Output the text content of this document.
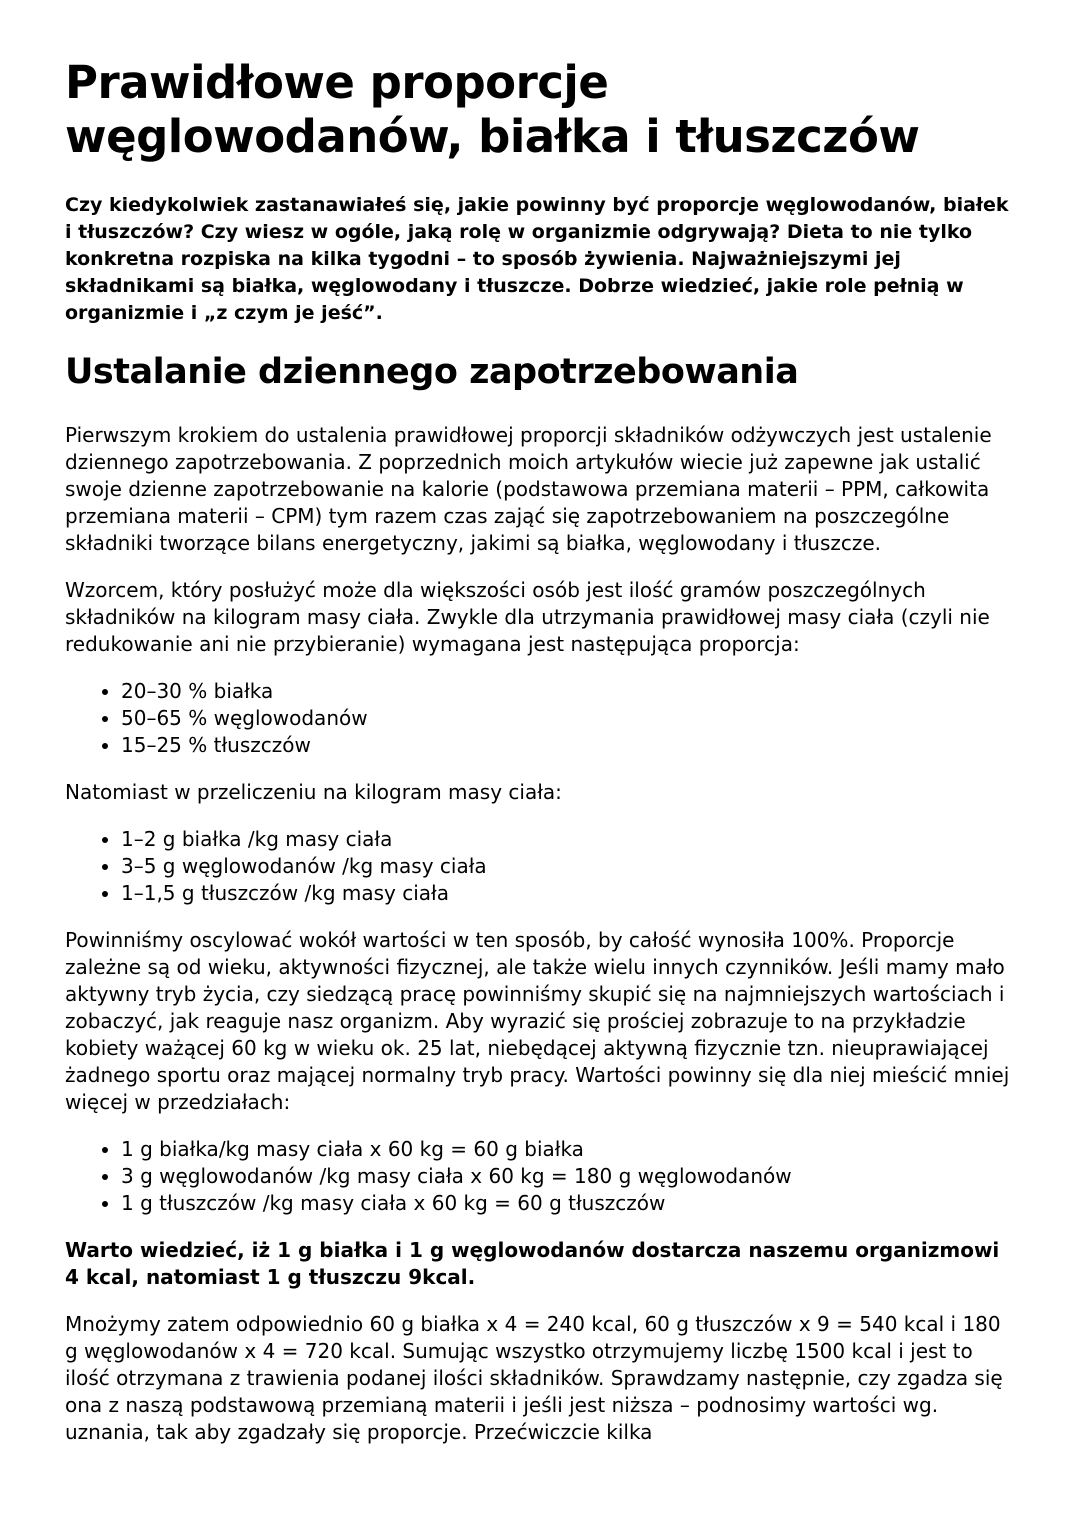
Prawidłowe proporcje węglowodanów, białka i tłuszczów

Czy kiedykolwiek zastanawiałeś się, jakie powinny być proporcje węglowodanów, białek i tłuszczów? Czy wiesz w ogóle, jaką rolę w organizmie odgrywają? Dieta to nie tylko konkretna rozpiska na kilka tygodni – to sposób żywienia. Najważniejszymi jej składnikami są białka, węglowodany i tłuszcze. Dobrze wiedzieć, jakie role pełnią w organizmie i „z czym je jeść”.

Ustalanie dziennego zapotrzebowania

Pierwszym krokiem do ustalenia prawidłowej proporcji składników odżywczych jest ustalenie dziennego zapotrzebowania. Z poprzednich moich artykułów wiecie już zapewne jak ustalić swoje dzienne zapotrzebowanie na kalorie (podstawowa przemiana materii – PPM, całkowita przemiana materii – CPM) tym razem czas zająć się zapotrzebowaniem na poszczególne składniki tworzące bilans energetyczny, jakimi są białka, węglowodany i tłuszcze.

Wzorcem, który posłużyć może dla większości osób jest ilość gramów poszczególnych składników na kilogram masy ciała. Zwykle dla utrzymania prawidłowej masy ciała (czyli nie redukowanie ani nie przybieranie) wymagana jest następująca proporcja:

• 20–30 % białka
• 50–65 % węglowodanów
• 15–25 % tłuszczów

Natomiast w przeliczeniu na kilogram masy ciała:

• 1–2 g białka /kg masy ciała
• 3–5 g węglowodanów /kg masy ciała
• 1–1,5 g tłuszczów /kg masy ciała

Powinniśmy oscylować wokół wartości w ten sposób, by całość wynosiła 100%. Proporcje zależne są od wieku, aktywności fizycznej, ale także wielu innych czynników. Jeśli mamy mało aktywny tryb życia, czy siedzącą pracę powinniśmy skupić się na najmniejszych wartościach i zobaczyć, jak reaguje nasz organizm. Aby wyrazić się prościej zobrazuje to na przykładzie kobiety ważącej 60 kg w wieku ok. 25 lat, niebędącej aktywną fizycznie tzn. nieuprawiającej żadnego sportu oraz mającej normalny tryb pracy. Wartości powinny się dla niej mieścić mniej więcej w przedziałach:

• 1 g białka/kg masy ciała x 60 kg = 60 g białka
• 3 g węglowodanów /kg masy ciała x 60 kg = 180 g węglowodanów
• 1 g tłuszczów /kg masy ciała x 60 kg = 60 g tłuszczów

Warto wiedzieć, iż 1 g białka i 1 g węglowodanów dostarcza naszemu organizmowi 4 kcal, natomiast 1 g tłuszczu 9kcal.

Mnożymy zatem odpowiednio 60 g białka x 4 = 240 kcal, 60 g tłuszczów x 9 = 540 kcal i 180 g węglowodanów x 4 = 720 kcal. Sumując wszystko otrzymujemy liczbę 1500 kcal i jest to ilość otrzymana z trawienia podanej ilości składników. Sprawdzamy następnie, czy zgadza się ona z naszą podstawową przemianą materii i jeśli jest niższa – podnosimy wartości wg. uznania, tak aby zgadzały się proporcje. Przećwiczcie kilka
